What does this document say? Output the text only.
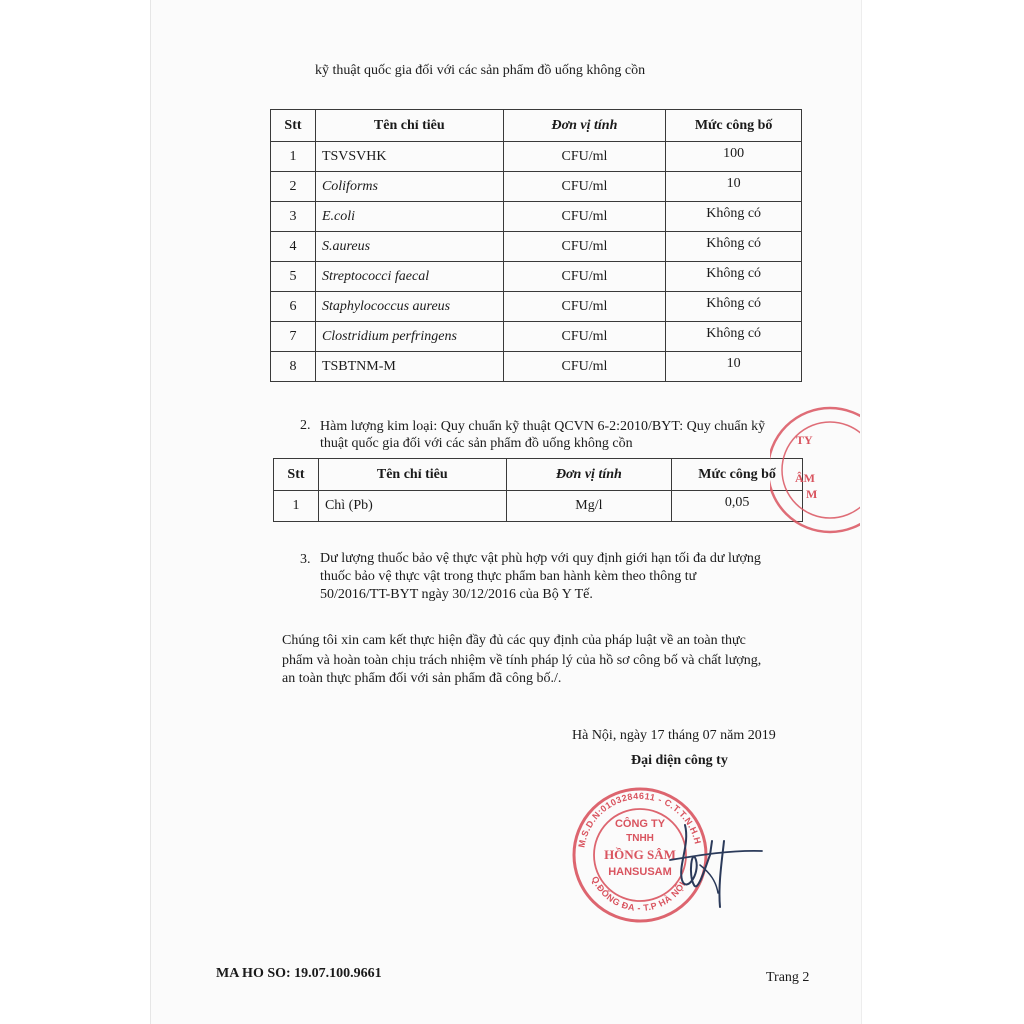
kỹ thuật quốc gia đối với các sản phẩm đồ uống không cồn
Stt	Tên chỉ tiêu	Đơn vị tính	Mức công bố
1	TSVSVHK	CFU/ml	100
2	Coliforms	CFU/ml	10
3	E.coli	CFU/ml	Không có
4	S.aureus	CFU/ml	Không có
5	Streptococci faecal	CFU/ml	Không có
6	Staphylococcus aureus	CFU/ml	Không có
7	Clostridium perfringens	CFU/ml	Không có
8	TSBTNM-M	CFU/ml	10
2. Hàm lượng kim loại: Quy chuẩn kỹ thuật QCVN 6-2:2010/BYT: Quy chuẩn kỹ
thuật quốc gia đối với các sản phẩm đồ uống không cồn
Stt	Tên chỉ tiêu	Đơn vị tính	Mức công bố
1	Chì (Pb)	Mg/l	0,05
3. Dư lượng thuốc bảo vệ thực vật phù hợp với quy định giới hạn tối đa dư lượng
thuốc bảo vệ thực vật trong thực phẩm ban hành kèm theo thông tư
50/2016/TT-BYT ngày 30/12/2016 của Bộ Y Tế.
Chúng tôi xin cam kết thực hiện đầy đủ các quy định của pháp luật về an toàn thực
phẩm và hoàn toàn chịu trách nhiệm về tính pháp lý của hồ sơ công bố và chất lượng,
an toàn thực phẩm đối với sản phẩm đã công bố./.
Hà Nội, ngày 17 tháng 07 năm 2019
Đại diện công ty
TY
ÂM
M
M.S.D.N:0103284611 - C.T.T.N.H.H
Q.ĐỐNG ĐA - T.P HÀ NỘI
CÔNG TY
TNHH
HỒNG SÂM
HANSUSAM
MA HO SO: 19.07.100.9661	Trang 2
